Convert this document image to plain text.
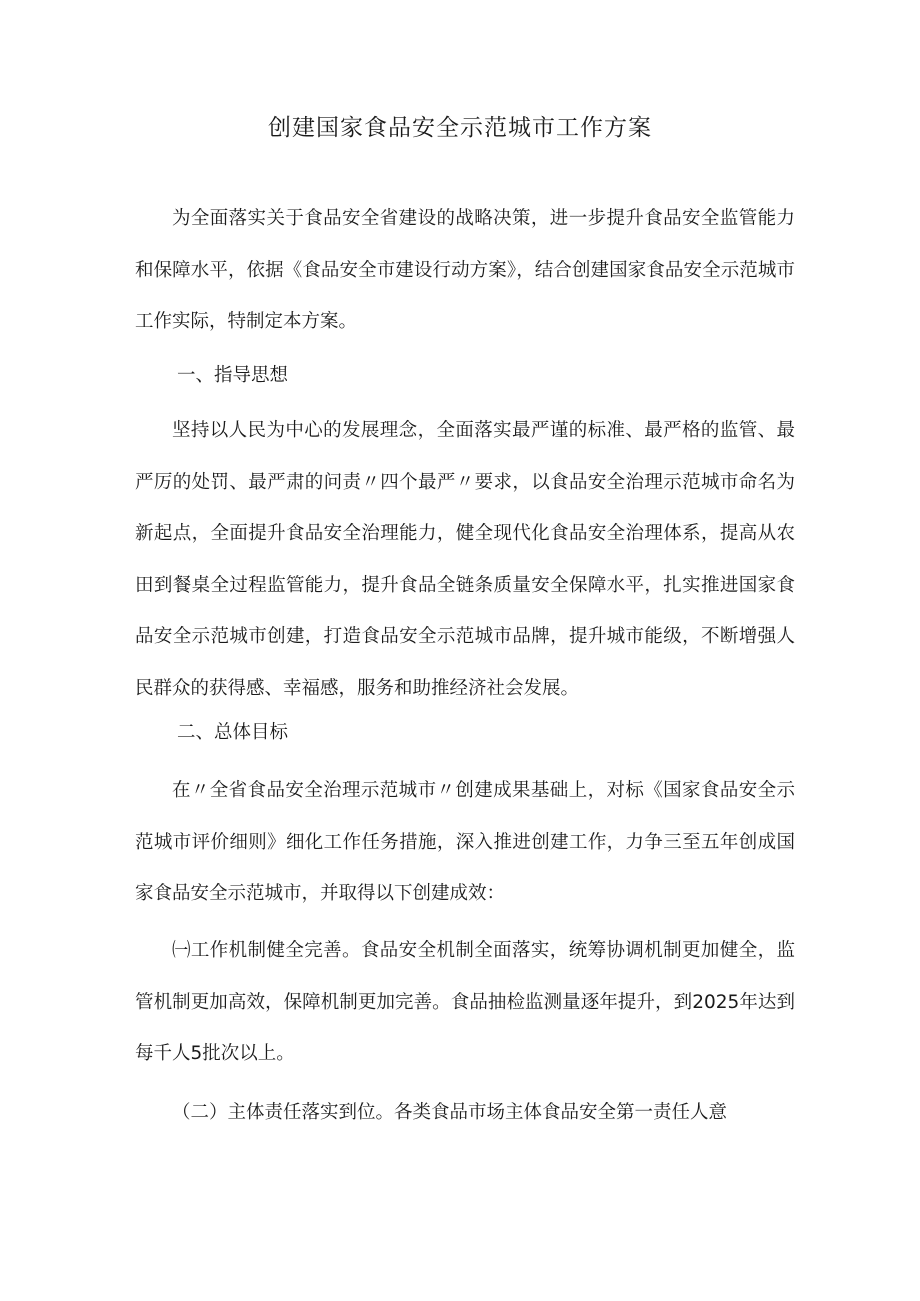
创建国家食品安全示范城市工作方案

为全面落实关于食品安全省建设的战略决策，进一步提升食品安全监管能力和保障水平，依据《食品安全市建设行动方案》，结合创建国家食品安全示范城市工作实际，特制定本方案。

一、指导思想

坚持以人民为中心的发展理念，全面落实最严谨的标准、最严格的监管、最严厉的处罚、最严肃的问责〃四个最严〃要求，以食品安全治理示范城市命名为新起点，全面提升食品安全治理能力，健全现代化食品安全治理体系，提高从农田到餐桌全过程监管能力，提升食品全链条质量安全保障水平，扎实推进国家食品安全示范城市创建，打造食品安全示范城市品牌，提升城市能级，不断增强人民群众的获得感、幸福感，服务和助推经济社会发展。

二、总体目标

在〃全省食品安全治理示范城市〃创建成果基础上，对标《国家食品安全示范城市评价细则》细化工作任务措施，深入推进创建工作，力争三至五年创成国家食品安全示范城市，并取得以下创建成效：

㈠工作机制健全完善。食品安全机制全面落实，统筹协调机制更加健全，监管机制更加高效，保障机制更加完善。食品抽检监测量逐年提升，到2025年达到每千人5批次以上。

（二）主体责任落实到位。各类食品市场主体食品安全第一责任人意
